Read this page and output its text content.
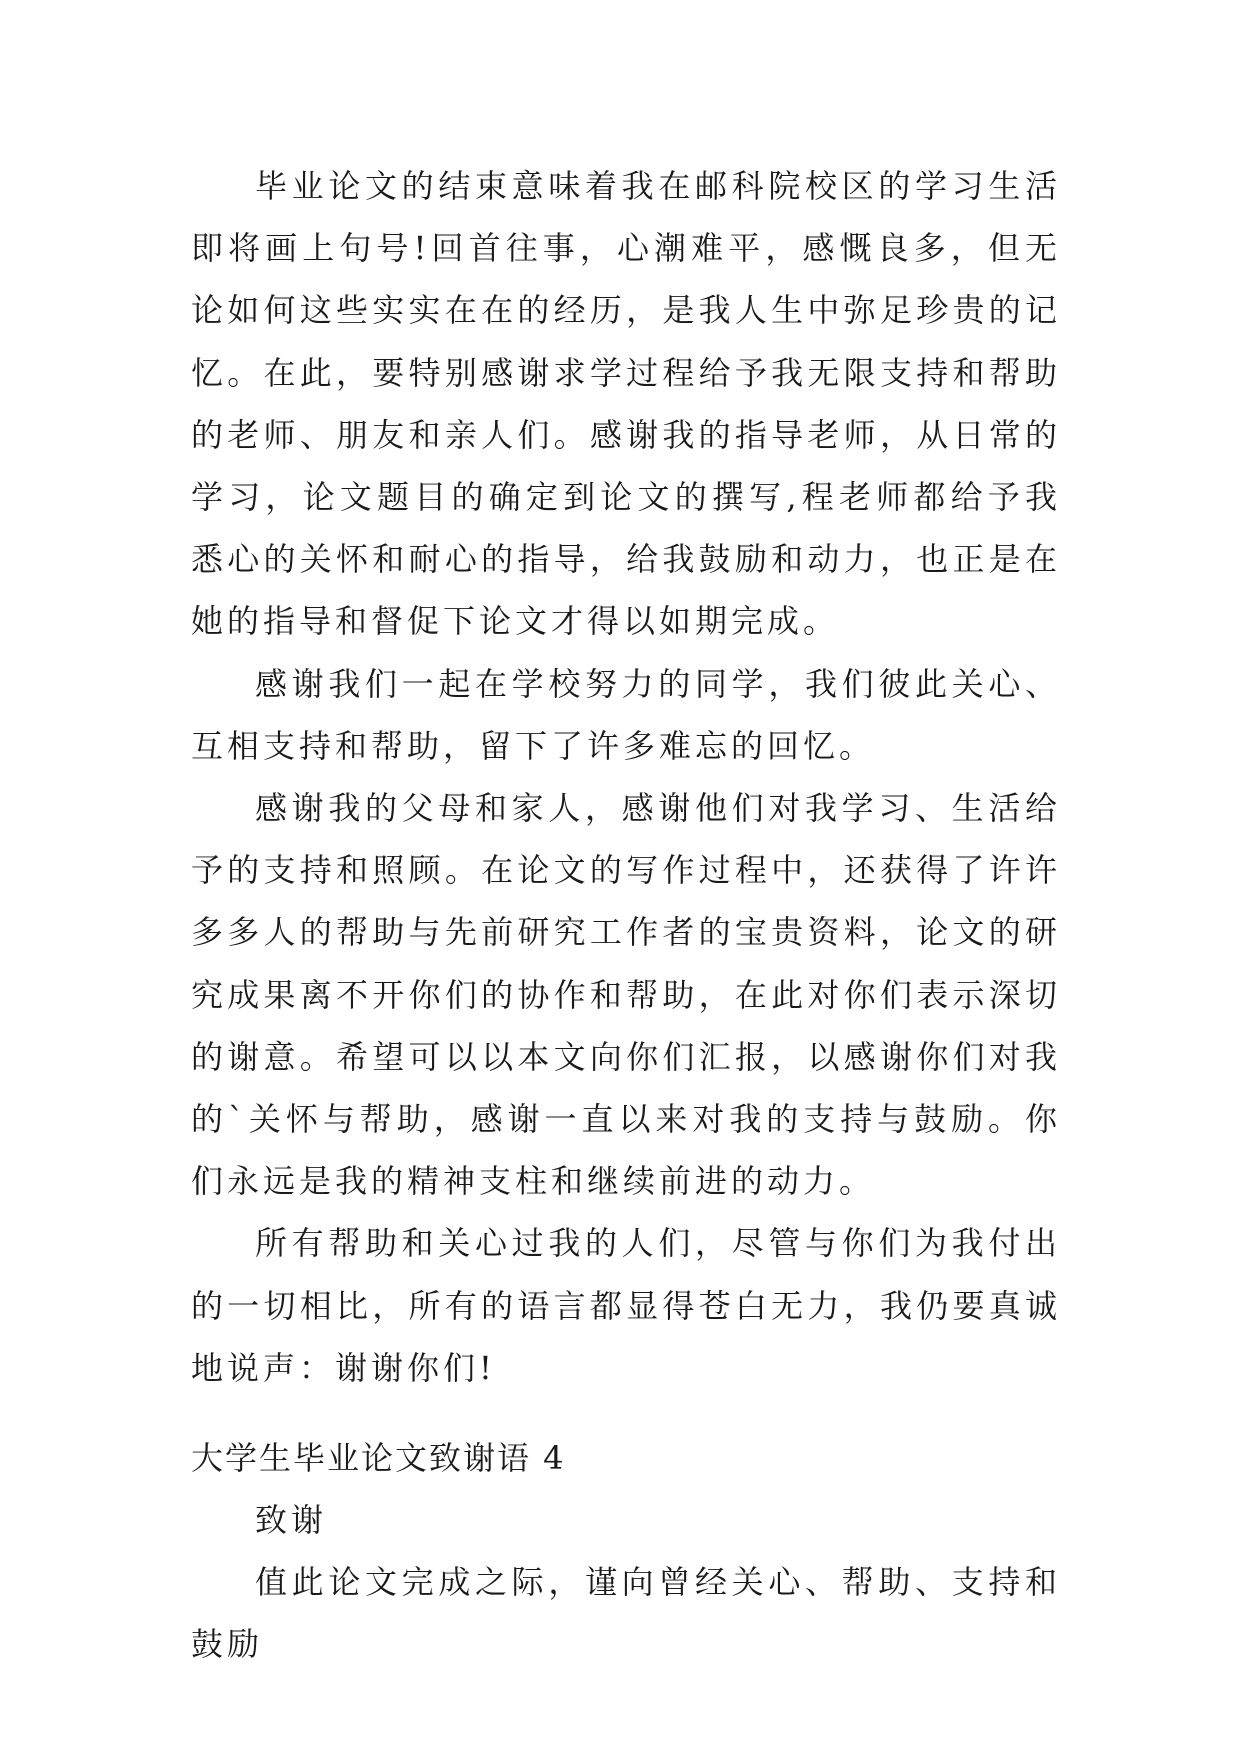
毕业论文的结束意味着我在邮科院校区的学习生活即将画上句号!回首往事，心潮难平，感慨良多，但无论如何这些实实在在的经历，是我人生中弥足珍贵的记忆。在此，要特别感谢求学过程给予我无限支持和帮助的老师、朋友和亲人们。感谢我的指导老师，从日常的学习，论文题目的确定到论文的撰写,程老师都给予我悉心的关怀和耐心的指导，给我鼓励和动力，也正是在她的指导和督促下论文才得以如期完成。

感谢我们一起在学校努力的同学，我们彼此关心、互相支持和帮助，留下了许多难忘的回忆。

感谢我的父母和家人，感谢他们对我学习、生活给予的支持和照顾。在论文的写作过程中，还获得了许许多多人的帮助与先前研究工作者的宝贵资料，论文的研究成果离不开你们的协作和帮助，在此对你们表示深切的谢意。希望可以以本文向你们汇报，以感谢你们对我的`关怀与帮助，感谢一直以来对我的支持与鼓励。你们永远是我的精神支柱和继续前进的动力。

所有帮助和关心过我的人们，尽管与你们为我付出的一切相比，所有的语言都显得苍白无力，我仍要真诚地说声：谢谢你们!

大学生毕业论文致谢语 4

致谢

值此论文完成之际，谨向曾经关心、帮助、支持和鼓励
